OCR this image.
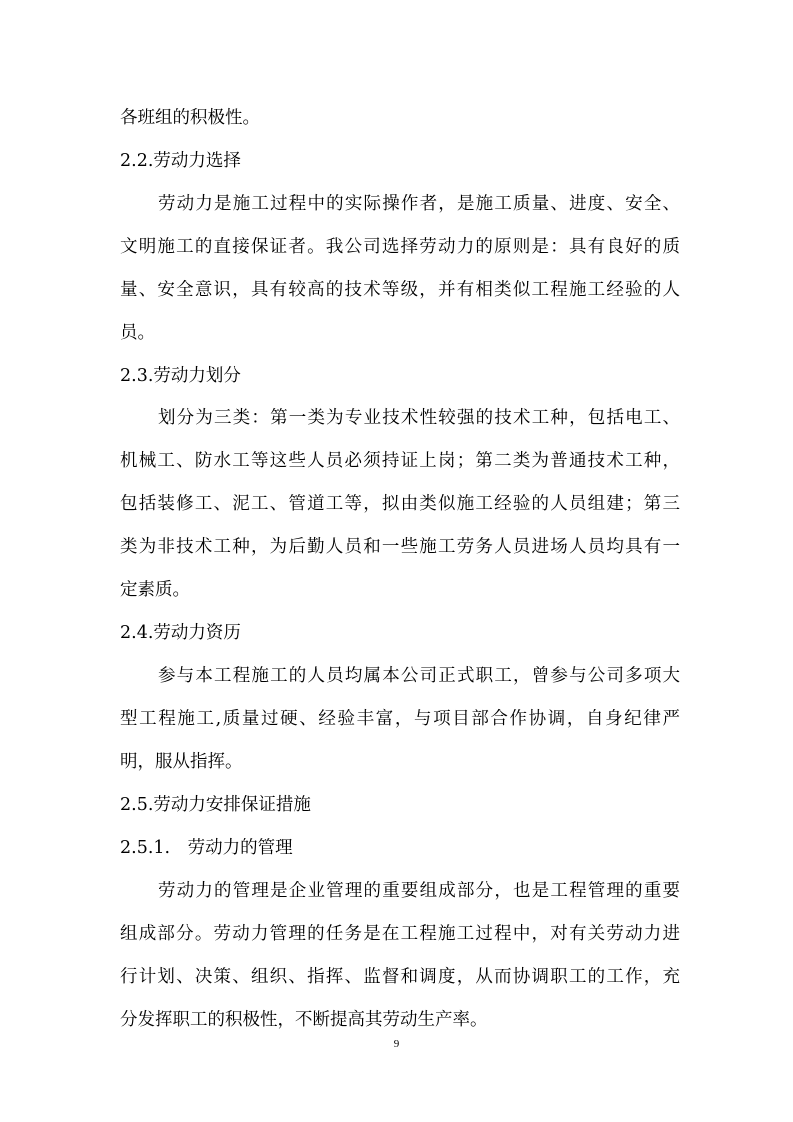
各班组的积极性。
2.2.劳动力选择
劳动力是施工过程中的实际操作者，是施工质量、进度、安全、
文明施工的直接保证者。我公司选择劳动力的原则是：具有良好的质
量、安全意识，具有较高的技术等级，并有相类似工程施工经验的人
员。
2.3.劳动力划分
划分为三类：第一类为专业技术性较强的技术工种，包括电工、
机械工、防水工等这些人员必须持证上岗；第二类为普通技术工种，
包括装修工、泥工、管道工等，拟由类似施工经验的人员组建；第三
类为非技术工种，为后勤人员和一些施工劳务人员进场人员均具有一
定素质。
2.4.劳动力资历
参与本工程施工的人员均属本公司正式职工，曾参与公司多项大
型工程施工,质量过硬、经验丰富，与项目部合作协调，自身纪律严
明，服从指挥。
2.5.劳动力安排保证措施
2.5.1.　劳动力的管理
劳动力的管理是企业管理的重要组成部分，也是工程管理的重要
组成部分。劳动力管理的任务是在工程施工过程中，对有关劳动力进
行计划、决策、组织、指挥、监督和调度，从而协调职工的工作，充
分发挥职工的积极性，不断提高其劳动生产率。
9
